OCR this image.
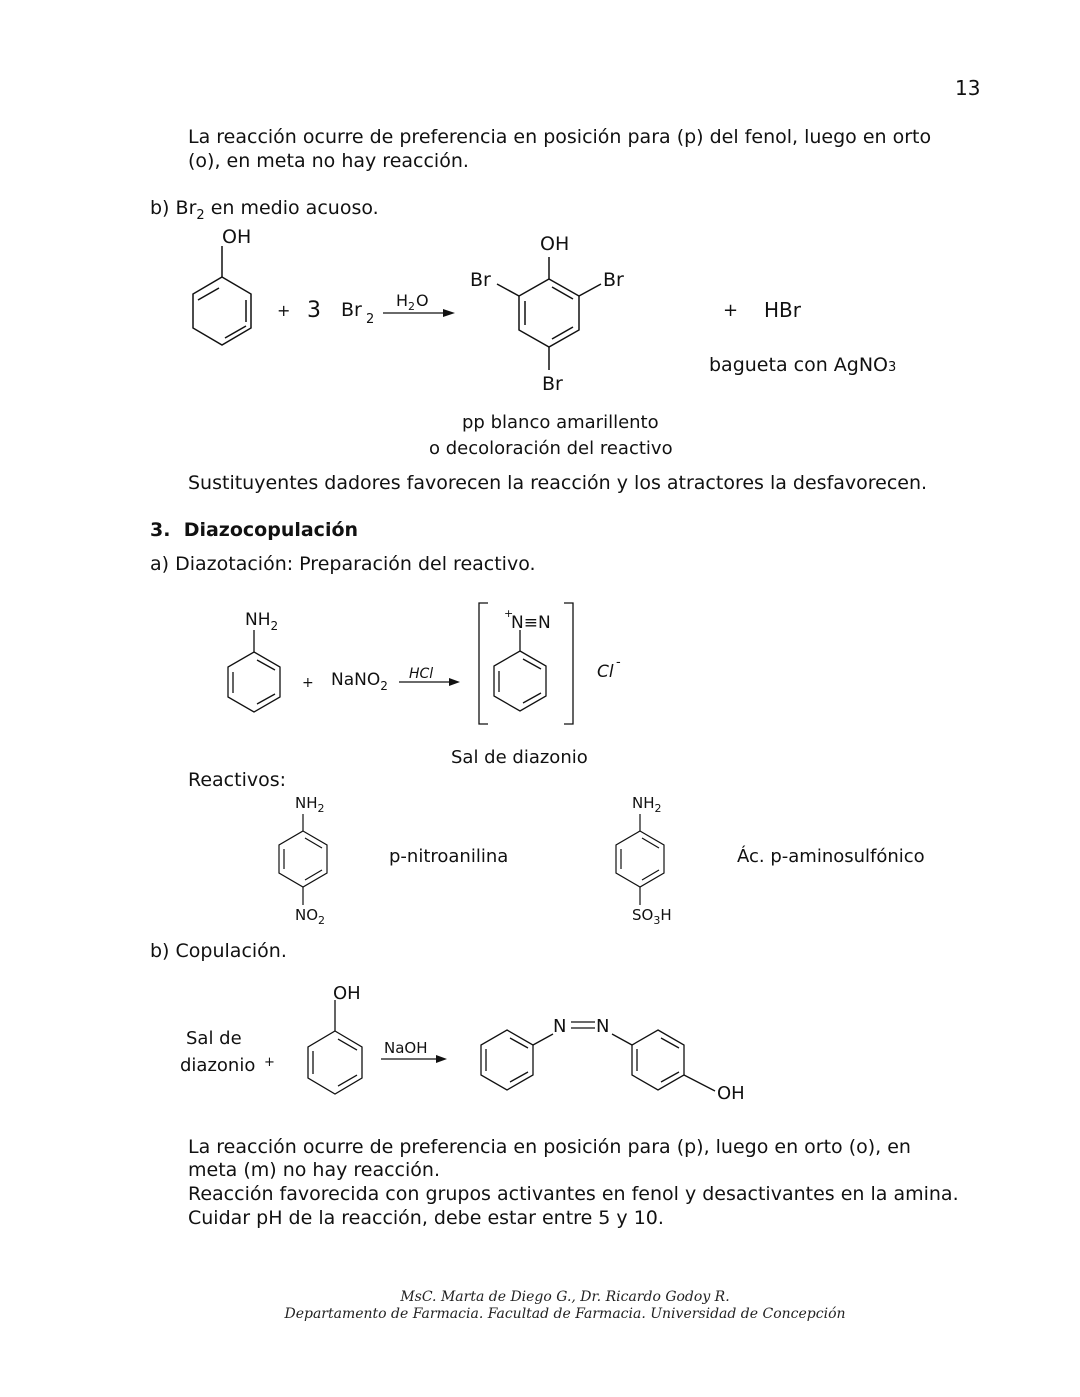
13
La reacción ocurre de preferencia en posición para (p) del fenol, luego en orto
(o), en meta no hay reacción.
b) $Br_2$ en medio acuoso.
OH
+ 3 Br 2
H 2 O
OH
Br	Br
Br
+ HBr
bagueta con AgNO3
pp blanco amarillento
o decoloración del reactivo
Sustituyentes dadores favorecen la reacción y los atractores la desfavorecen.
3. Diazocopulación
a) Diazotación: Preparación del reactivo.
$NH_2$
+ NaNO$_2$
HCl
+
N≡N
Cl -
Sal de diazonio
Reactivos:
$NH_2$
$NO_2$
p-nitroanilina
$NH_2$
$SO_3H$
Ác. p-aminosulfónico
b) Copulación.
Sal de
diazonio +
OH
NaOH
N N
OH
La reacción ocurre de preferencia en posición para (p), luego en orto (o), en
meta (m) no hay reacción.
Reacción favorecida con grupos activantes en fenol y desactivantes en la amina.
Cuidar pH de la reacción, debe estar entre 5 y 10.
MsC. Marta de Diego G., Dr. Ricardo Godoy R.
Departamento de Farmacia. Facultad de Farmacia. Universidad de Concepción
